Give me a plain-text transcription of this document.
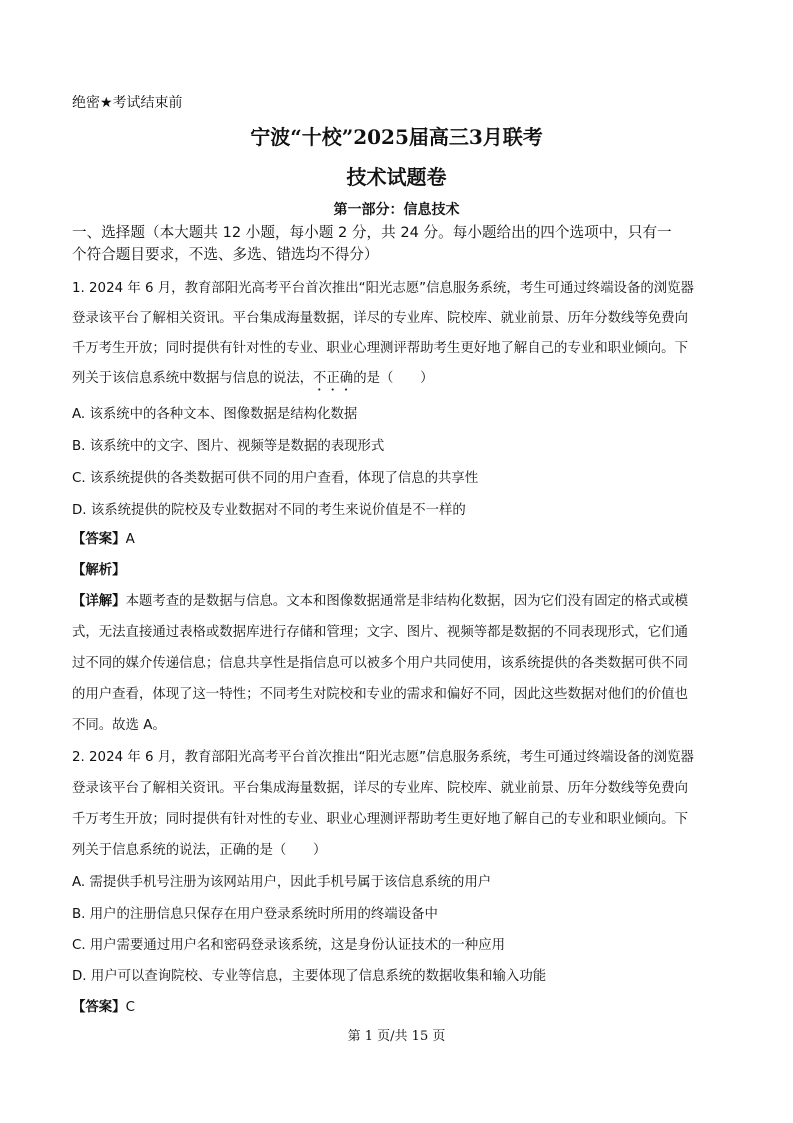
绝密★考试结束前
宁波“十校”2025届高三3月联考
技术试题卷
第一部分：信息技术
一、选择题（本大题共 12 小题，每小题 2 分，共 24 分。每小题给出的四个选项中，只有一
个符合题目要求，不选、多选、错选均不得分）
1. 2024 年 6 月，教育部阳光高考平台首次推出“阳光志愿”信息服务系统，考生可通过终端设备的浏览器
登录该平台了解相关资讯。平台集成海量数据，详尽的专业库、院校库、就业前景、历年分数线等免费向
千万考生开放；同时提供有针对性的专业、职业心理测评帮助考生更好地了解自己的专业和职业倾向。下
列关于该信息系统中数据与信息的说法，不正确的是（　　）
A. 该系统中的各种文本、图像数据是结构化数据
B. 该系统中的文字、图片、视频等是数据的表现形式
C. 该系统提供的各类数据可供不同的用户查看，体现了信息的共享性
D. 该系统提供的院校及专业数据对不同的考生来说价值是不一样的
【答案】A
【解析】
【详解】本题考查的是数据与信息。文本和图像数据通常是非结构化数据，因为它们没有固定的格式或模
式，无法直接通过表格或数据库进行存储和管理；文字、图片、视频等都是数据的不同表现形式，它们通
过不同的媒介传递信息；信息共享性是指信息可以被多个用户共同使用，该系统提供的各类数据可供不同
的用户查看，体现了这一特性；不同考生对院校和专业的需求和偏好不同，因此这些数据对他们的价值也
不同。故选 A。
2. 2024 年 6 月，教育部阳光高考平台首次推出“阳光志愿”信息服务系统，考生可通过终端设备的浏览器
登录该平台了解相关资讯。平台集成海量数据，详尽的专业库、院校库、就业前景、历年分数线等免费向
千万考生开放；同时提供有针对性的专业、职业心理测评帮助考生更好地了解自己的专业和职业倾向。下
列关于信息系统的说法，正确的是（　　）
A. 需提供手机号注册为该网站用户，因此手机号属于该信息系统的用户
B. 用户的注册信息只保存在用户登录系统时所用的终端设备中
C. 用户需要通过用户名和密码登录该系统，这是身份认证技术的一种应用
D. 用户可以查询院校、专业等信息，主要体现了信息系统的数据收集和输入功能
【答案】C
第 1 页/共 15 页
